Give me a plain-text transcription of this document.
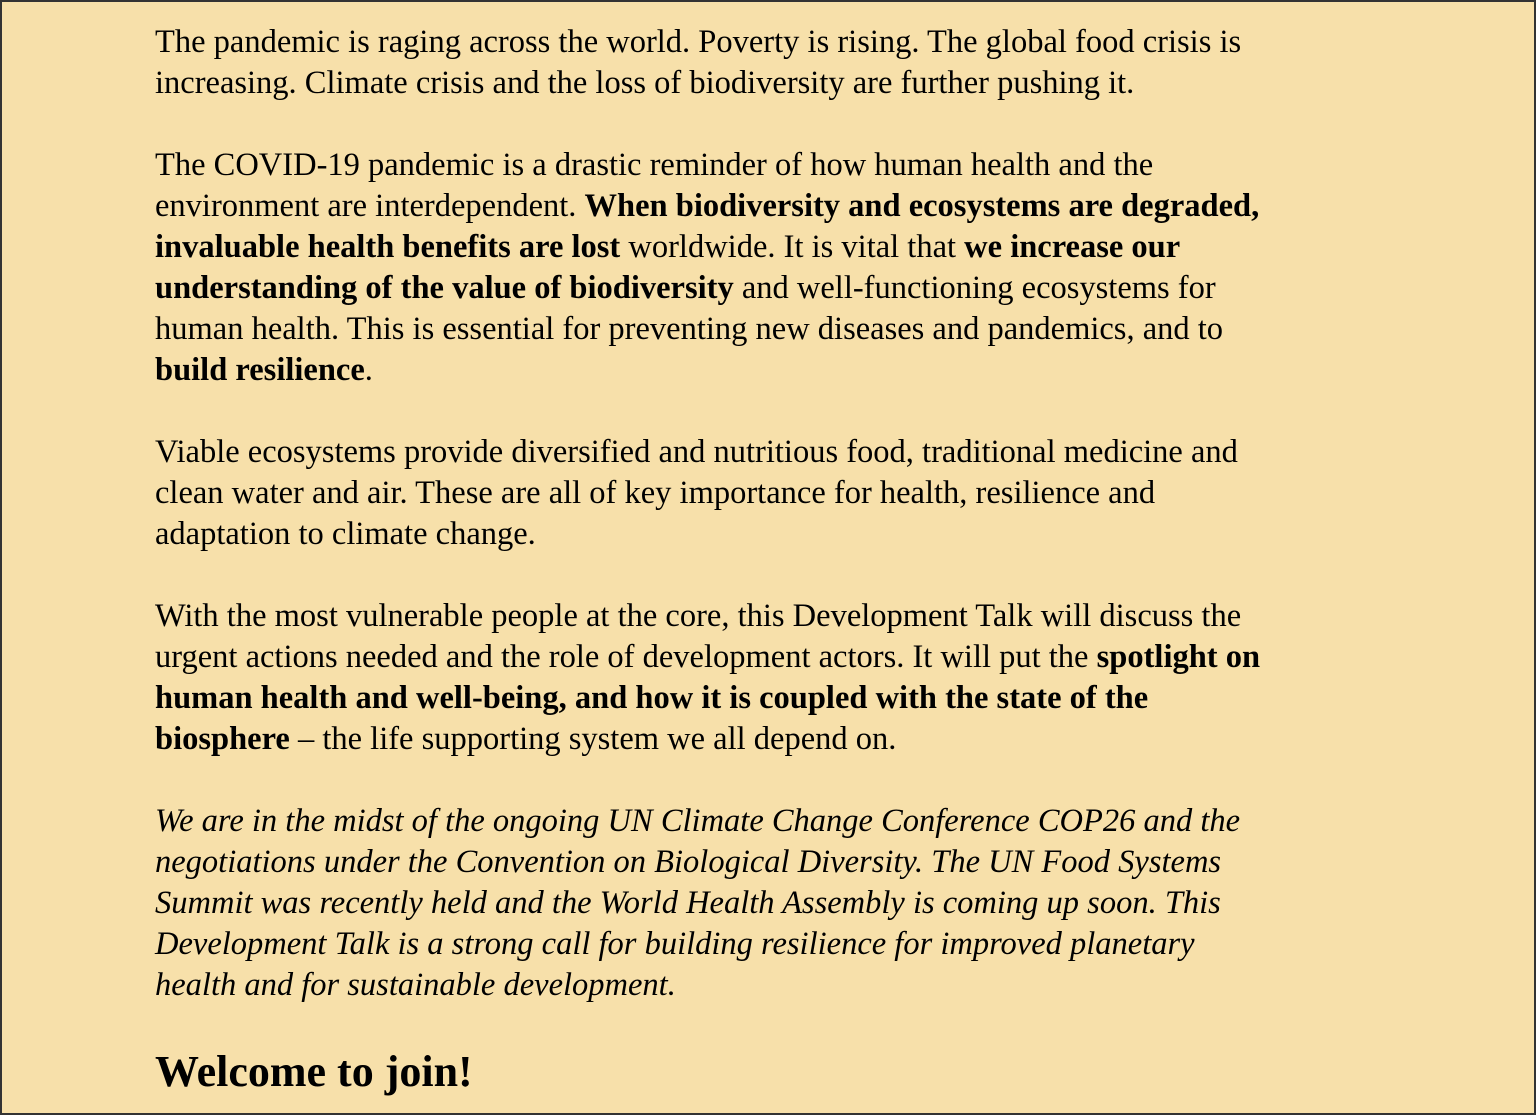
The pandemic is raging across the world. Poverty is rising. The global food crisis is
increasing. Climate crisis and the loss of biodiversity are further pushing it.

The COVID-19 pandemic is a drastic reminder of how human health and the
environment are interdependent. When biodiversity and ecosystems are degraded,
invaluable health benefits are lost worldwide. It is vital that we increase our
understanding of the value of biodiversity and well-functioning ecosystems for
human health. This is essential for preventing new diseases and pandemics, and to
build resilience.

Viable ecosystems provide diversified and nutritious food, traditional medicine and
clean water and air. These are all of key importance for health, resilience and
adaptation to climate change.

With the most vulnerable people at the core, this Development Talk will discuss the
urgent actions needed and the role of development actors. It will put the spotlight on
human health and well-being, and how it is coupled with the state of the
biosphere – the life supporting system we all depend on.

We are in the midst of the ongoing UN Climate Change Conference COP26 and the
negotiations under the Convention on Biological Diversity. The UN Food Systems
Summit was recently held and the World Health Assembly is coming up soon. This
Development Talk is a strong call for building resilience for improved planetary
health and for sustainable development.

Welcome to join!
